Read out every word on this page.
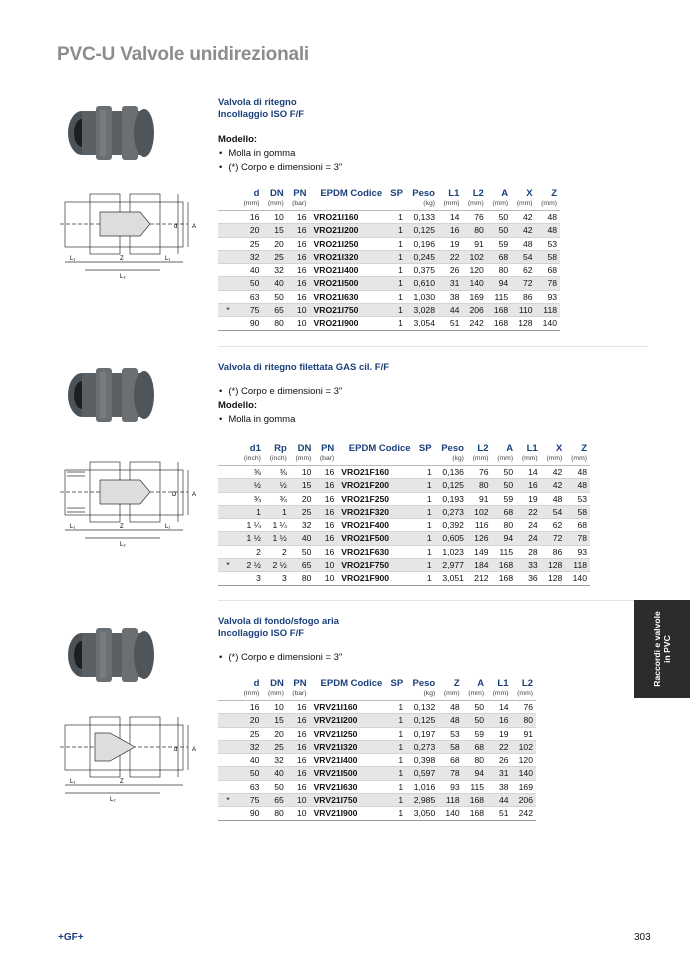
PVC-U Valvole unidirezionali
d A
L₁	Z	L₁
L₂
Valvola di ritegno
Incollaggio ISO F/F
Modello:
• Molla in gomma
• (*) Corpo e dimensioni = 3"
	d	DN	PN	EPDM Codice	SP	Peso	L1	L2	A	X	Z
	(mm)	(mm)	(bar)			(kg)	(mm)	(mm)	(mm)	(mm)	(mm)
	16	10	16	VRO21I160	1	0,133	14	76	50	42	48
	20	15	16	VRO21I200	1	0,125	16	80	50	42	48
	25	20	16	VRO21I250	1	0,196	19	91	59	48	53
	32	25	16	VRO21I320	1	0,245	22	102	68	54	58
	40	32	16	VRO21I400	1	0,375	26	120	80	62	68
	50	40	16	VRO21I500	1	0,610	31	140	94	72	78
	63	50	16	VRO21I630	1	1,030	38	169	115	86	93
*	75	65	10	VRO21I750	1	3,028	44	206	168	110	118
	90	80	10	VRO21I900	1	3,054	51	242	168	128	140
D	A
L₁	Z	L₁
L₂
Valvola di ritegno filettata GAS cil. F/F
• (*) Corpo e dimensioni = 3"
Modello:
• Molla in gomma
	d1	Rp	DN	PN	EPDM Codice	SP	Peso	L2	A	L1	X	Z
	(inch)	(inch)	(mm)	(bar)			(kg)	(mm)	(mm)	(mm)	(mm)	(mm)
	⅜	⅜	10	16	VRO21F160	1	0,136	76	50	14	42	48
	½	½	15	16	VRO21F200	1	0,125	80	50	16	42	48
	¾	¾	20	16	VRO21F250	1	0,193	91	59	19	48	53
	1	1	25	16	VRO21F320	1	0,273	102	68	22	54	58
	1 ¼	1 ¼	32	16	VRO21F400	1	0,392	116	80	24	62	68
	1 ½	1 ½	40	16	VRO21F500	1	0,605	126	94	24	72	78
	2	2	50	16	VRO21F630	1	1,023	149	115	28	86	93
*	2 ½	2 ½	65	10	VRO21F750	1	2,977	184	168	33	128	118
	3	3	80	10	VRO21F900	1	3,051	212	168	36	128	140
d A
L₁	Z
L₂
Valvola di fondo/sfogo aria
Incollaggio ISO F/F
• (*) Corpo e dimensioni = 3"
	d	DN	PN	EPDM Codice	SP	Peso	Z	A	L1	L2
	(mm)	(mm)	(bar)			(kg)	(mm)	(mm)	(mm)	(mm)
	16	10	16	VRV21I160	1	0,132	48	50	14	76
	20	15	16	VRV21I200	1	0,125	48	50	16	80
	25	20	16	VRV21I250	1	0,197	53	59	19	91
	32	25	16	VRV21I320	1	0,273	58	68	22	102
	40	32	16	VRV21I400	1	0,398	68	80	26	120
	50	40	16	VRV21I500	1	0,597	78	94	31	140
	63	50	16	VRV21I630	1	1,016	93	115	38	169
*	75	65	10	VRV21I750	1	2,985	118	168	44	206
	90	80	10	VRV21I900	1	3,050	140	168	51	242
Raccordi e valvole in PVC
+GF+	303
